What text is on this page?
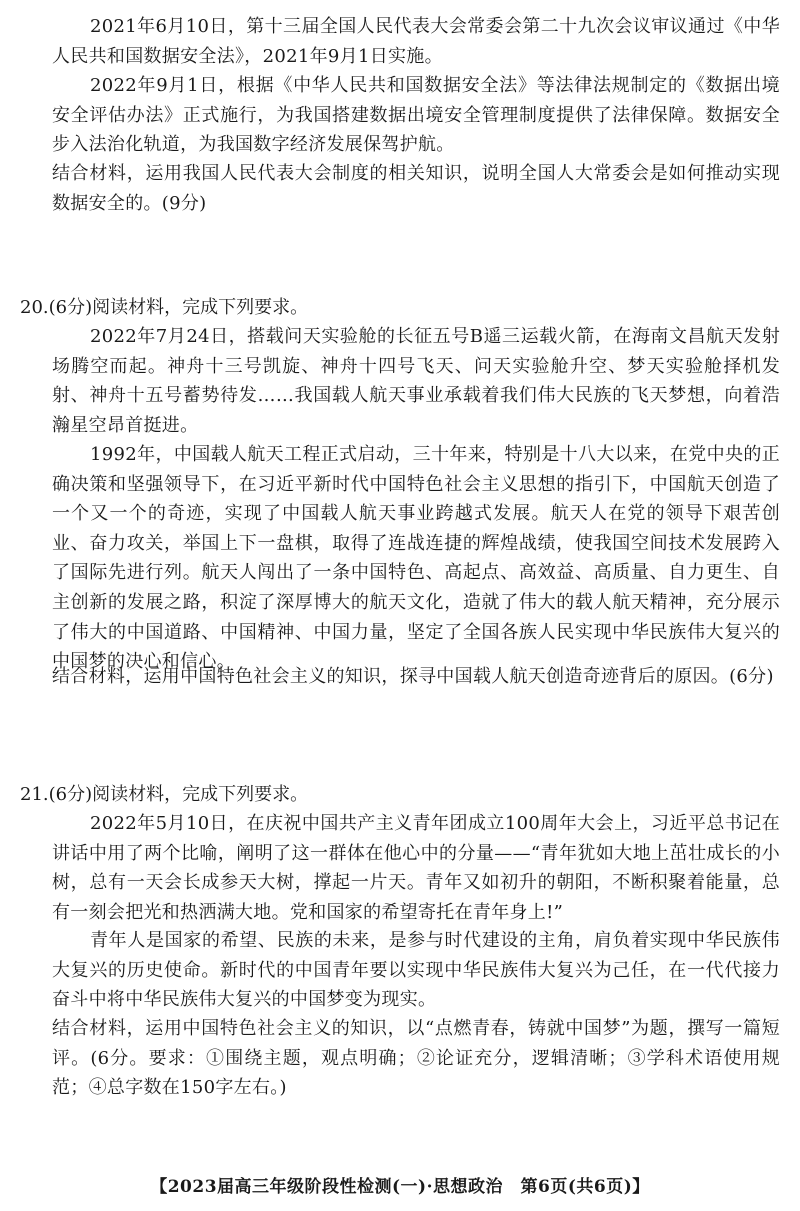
2021年6月10日，第十三届全国人民代表大会常委会第二十九次会议审议通过《中华人民共和国数据安全法》，2021年9月1日实施。

2022年9月1日，根据《中华人民共和国数据安全法》等法律法规制定的《数据出境安全评估办法》正式施行，为我国搭建数据出境安全管理制度提供了法律保障。数据安全步入法治化轨道，为我国数字经济发展保驾护航。

结合材料，运用我国人民代表大会制度的相关知识，说明全国人大常委会是如何推动实现数据安全的。(9分)

20.(6分)阅读材料，完成下列要求。

2022年7月24日，搭载问天实验舱的长征五号B遥三运载火箭，在海南文昌航天发射场腾空而起。神舟十三号凯旋、神舟十四号飞天、问天实验舱升空、梦天实验舱择机发射、神舟十五号蓄势待发……我国载人航天事业承载着我们伟大民族的飞天梦想，向着浩瀚星空昂首挺进。

1992年，中国载人航天工程正式启动，三十年来，特别是十八大以来，在党中央的正确决策和坚强领导下，在习近平新时代中国特色社会主义思想的指引下，中国航天创造了一个又一个的奇迹，实现了中国载人航天事业跨越式发展。航天人在党的领导下艰苦创业、奋力攻关，举国上下一盘棋，取得了连战连捷的辉煌战绩，使我国空间技术发展跨入了国际先进行列。航天人闯出了一条中国特色、高起点、高效益、高质量、自力更生、自主创新的发展之路，积淀了深厚博大的航天文化，造就了伟大的载人航天精神，充分展示了伟大的中国道路、中国精神、中国力量，坚定了全国各族人民实现中华民族伟大复兴的中国梦的决心和信心。

结合材料，运用中国特色社会主义的知识，探寻中国载人航天创造奇迹背后的原因。(6分)

21.(6分)阅读材料，完成下列要求。

2022年5月10日，在庆祝中国共产主义青年团成立100周年大会上，习近平总书记在讲话中用了两个比喻，阐明了这一群体在他心中的分量——“青年犹如大地上茁壮成长的小树，总有一天会长成参天大树，撑起一片天。青年又如初升的朝阳，不断积聚着能量，总有一刻会把光和热洒满大地。党和国家的希望寄托在青年身上!”

青年人是国家的希望、民族的未来，是参与时代建设的主角，肩负着实现中华民族伟大复兴的历史使命。新时代的中国青年要以实现中华民族伟大复兴为己任，在一代代接力奋斗中将中华民族伟大复兴的中国梦变为现实。

结合材料，运用中国特色社会主义的知识，以“点燃青春，铸就中国梦”为题，撰写一篇短评。(6分。要求：①围绕主题，观点明确；②论证充分，逻辑清晰；③学科术语使用规范；④总字数在150字左右。)

【2023届高三年级阶段性检测(一)·思想政治　第6页(共6页)】
